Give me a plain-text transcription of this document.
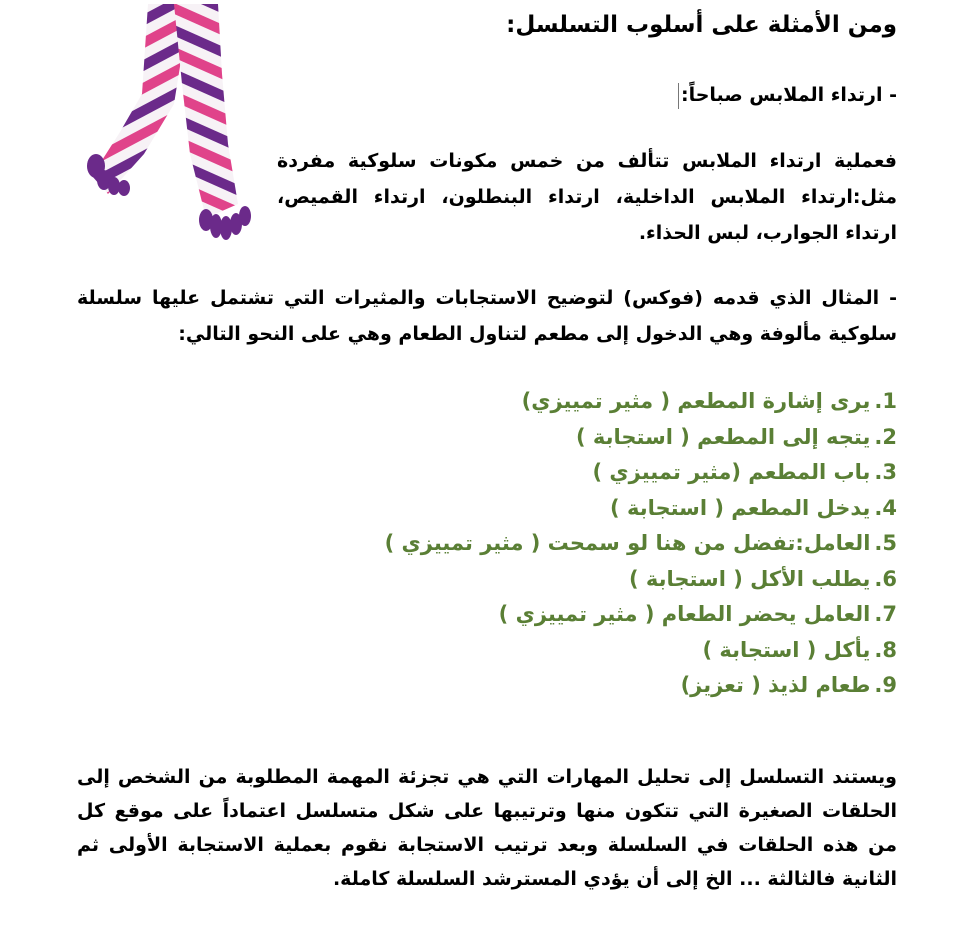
ومن الأمثلة على أسلوب التسلسل:
- ارتداء الملابس صباحاً:
فعملية ارتداء الملابس تتألف من خمس مكونات سلوكية مفردة مثل:ارتداء الملابس الداخلية، ارتداء البنطلون، ارتداء القميص، ارتداء الجوارب، لبس الحذاء.
- المثال الذي قدمه (فوكس) لتوضيح الاستجابات والمثيرات التي تشتمل عليها سلسلة سلوكية مألوفة وهي الدخول إلى مطعم لتناول الطعام وهي على النحو التالي:
1.يرى إشارة المطعم ( مثير تمييزي)
2.يتجه إلى المطعم ( استجابة )
3.باب المطعم (مثير تمييزي )
4.يدخل المطعم ( استجابة )
5.العامل:تفضل من هنا لو سمحت ( مثير تمييزي )
6.يطلب الأكل ( استجابة )
7.العامل يحضر الطعام ( مثير تمييزي )
8.يأكل ( استجابة )
9.طعام لذيذ ( تعزيز)
ويستند التسلسل إلى تحليل المهارات التي هي تجزئة المهمة المطلوبة من الشخص إلى الحلقات الصغيرة التي تتكون منها وترتيبها على شكل متسلسل اعتماداً على موقع كل من هذه الحلقات في السلسلة وبعد ترتيب الاستجابة نقوم بعملية الاستجابة الأولى ثم الثانية فالثالثة ... الخ إلى أن يؤدي المسترشد السلسلة كاملة.
